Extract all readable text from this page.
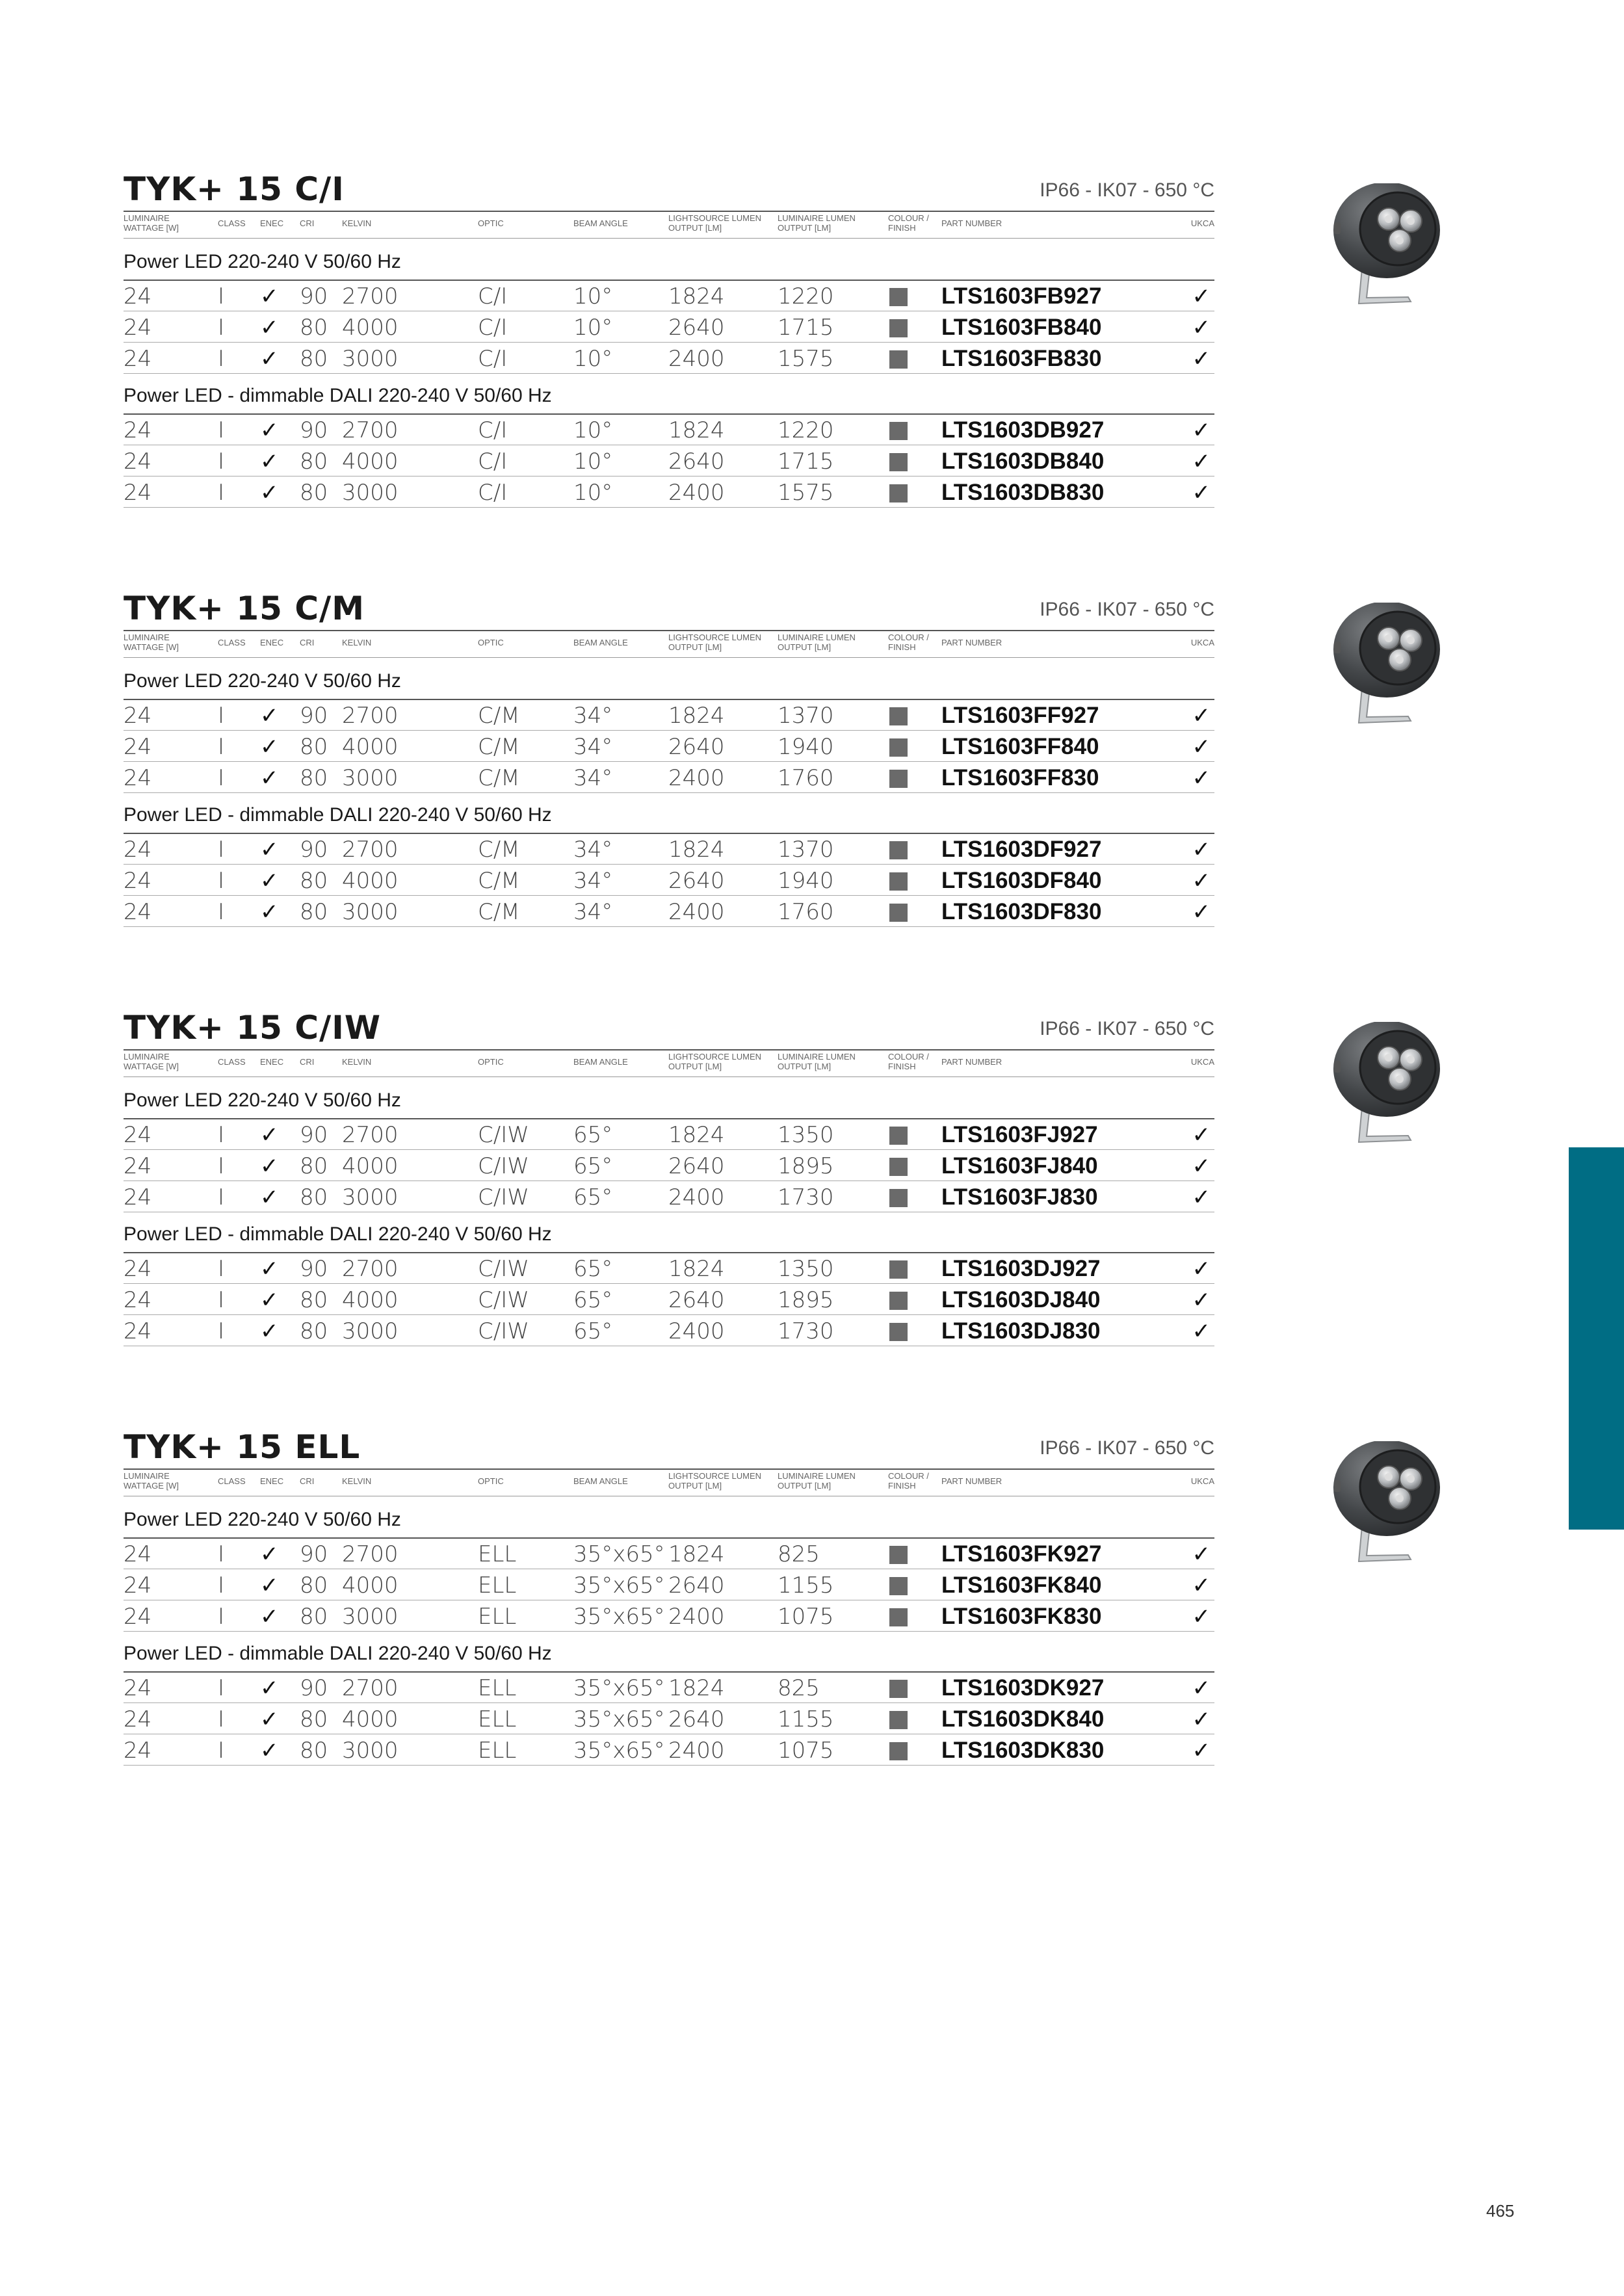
TYK+ 15 C/I	IP66 - IK07 - 650 °C
LUMINAIRE
WATTAGE [W]	CLASS ENEC CRI	KELVIN	OPTIC	BEAM ANGLE
LIGHTSOURCE LUMEN
OUTPUT [LM]
LUMINAIRE LUMEN
OUTPUT [LM]
COLOUR /
FINISH	PART NUMBER	UKCA
Power LED 220-240 V 50/60 Hz
24	I ✓ 90 2700	C/I	10°	1824 1220	LTS1603FB927	✓
24	I ✓ 80 4000	C/I	10°	2640 1715	LTS1603FB840	✓
24	I ✓ 80 3000	C/I	10°	2400 1575	LTS1603FB830	✓
Power LED - dimmable DALI 220-240 V 50/60 Hz
24	I ✓ 90 2700	C/I	10°	1824 1220	LTS1603DB927	✓
24	I ✓ 80 4000	C/I	10°	2640 1715	LTS1603DB840	✓
24	I ✓ 80 3000	C/I	10°	2400 1575	LTS1603DB830	✓
TYK+ 15 C/M	IP66 - IK07 - 650 °C
LUMINAIRE
WATTAGE [W]	CLASS ENEC CRI	KELVIN	OPTIC	BEAM ANGLE
LIGHTSOURCE LUMEN
OUTPUT [LM]
LUMINAIRE LUMEN
OUTPUT [LM]
COLOUR /
FINISH	PART NUMBER	UKCA
Power LED 220-240 V 50/60 Hz
24	I ✓ 90 2700	C/M 34°	1824 1370	LTS1603FF927	✓
24	I ✓ 80 4000	C/M 34°	2640 1940	LTS1603FF840	✓
24	I ✓ 80 3000	C/M 34°	2400 1760	LTS1603FF830	✓
Power LED - dimmable DALI 220-240 V 50/60 Hz
24	I ✓ 90 2700	C/M 34°	1824 1370	LTS1603DF927	✓
24	I ✓ 80 4000	C/M 34°	2640 1940	LTS1603DF840	✓
24	I ✓ 80 3000	C/M 34°	2400 1760	LTS1603DF830	✓
TYK+ 15 C/IW	IP66 - IK07 - 650 °C
LUMINAIRE
WATTAGE [W]	CLASS ENEC CRI	KELVIN	OPTIC	BEAM ANGLE
LIGHTSOURCE LUMEN
OUTPUT [LM]
LUMINAIRE LUMEN
OUTPUT [LM]
COLOUR /
FINISH	PART NUMBER	UKCA
Power LED 220-240 V 50/60 Hz
24	I ✓ 90 2700	C/IW 65°	1824 1350	LTS1603FJ927	✓
24	I ✓ 80 4000	C/IW 65°	2640 1895	LTS1603FJ840	✓
24	I ✓ 80 3000	C/IW 65°	2400 1730	LTS1603FJ830	✓
Power LED - dimmable DALI 220-240 V 50/60 Hz
24	I ✓ 90 2700	C/IW 65°	1824 1350	LTS1603DJ927	✓
24	I ✓ 80 4000	C/IW 65°	2640 1895	LTS1603DJ840	✓
24	I ✓ 80 3000	C/IW 65°	2400 1730	LTS1603DJ830	✓
TYK+ 15 ELL	IP66 - IK07 - 650 °C
LUMINAIRE
WATTAGE [W]	CLASS ENEC CRI	KELVIN	OPTIC	BEAM ANGLE
LIGHTSOURCE LUMEN
OUTPUT [LM]
LUMINAIRE LUMEN
OUTPUT [LM]
COLOUR /
FINISH	PART NUMBER	UKCA
Power LED 220-240 V 50/60 Hz
24	I ✓ 90 2700	ELL	35°x65° 1824 825	LTS1603FK927	✓
24	I ✓ 80 4000	ELL	35°x65° 2640 1155	LTS1603FK840	✓
24	I ✓ 80 3000	ELL	35°x65° 2400 1075	LTS1603FK830	✓
Power LED - dimmable DALI 220-240 V 50/60 Hz
24	I ✓ 90 2700	ELL	35°x65° 1824 825	LTS1603DK927	✓
24	I ✓ 80 4000	ELL	35°x65° 2640 1155	LTS1603DK840	✓
24	I ✓ 80 3000	ELL	35°x65° 2400 1075	LTS1603DK830	✓
465
